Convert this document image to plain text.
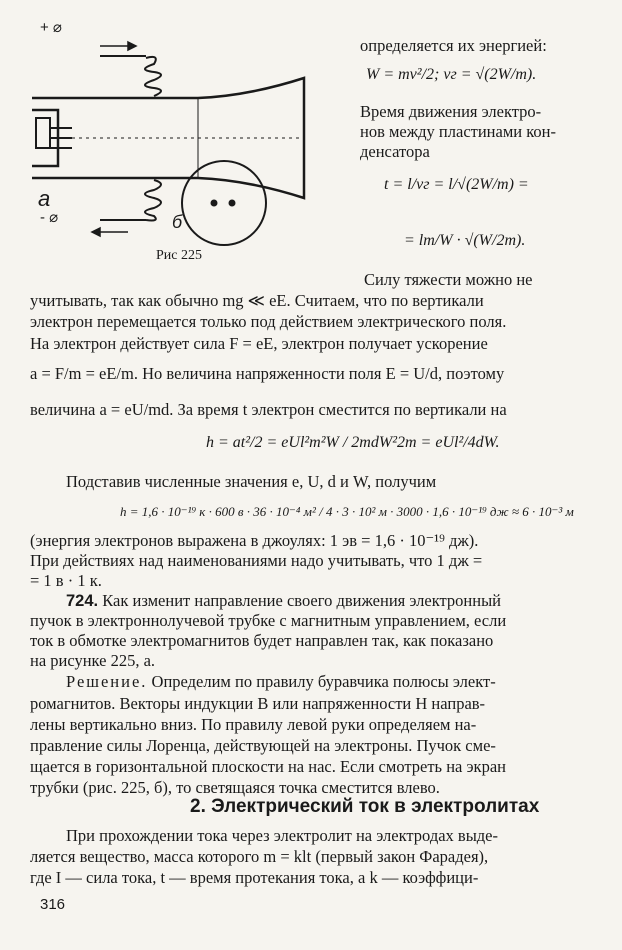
+ ⌀
- ⌀
a
б
Рис 225
определяется их энергией:
W = mv²/2; vг = √(2W/m).
Время движения электро-
нов между пластинами кон-
денсатора
t = l/vг = l/√(2W/m) =
= lm/W · √(W/2m).
Силу тяжести можно не
учитывать, так как обычно mg ≪ eE. Считаем, что по вертикали
электрон перемещается только под действием электрического поля.
На электрон действует сила F = eE, электрон получает ускорение
a = F/m = eE/m. Но величина напряженности поля E = U/d, поэтому
величина a = eU/md. За время t электрон сместится по вертикали на
h = at²/2 = eUl²m²W / 2mdW²2m = eUl²/4dW.
Подставив численные значения e, U, d и W, получим
h = 1,6 · 10⁻¹⁹ к · 600 в · 36 · 10⁻⁴ м² / 4 · 3 · 10² м · 3000 · 1,6 · 10⁻¹⁹ дж ≈ 6 · 10⁻³ м
(энергия электронов выражена в джоулях: 1 эв = 1,6 · 10⁻¹⁹ дж).
При действиях над наименованиями надо учитывать, что 1 дж =
= 1 в · 1 к.
724. Как изменит направление своего движения электронный
пучок в электроннолучевой трубке с магнитным управлением, если
ток в обмотке электромагнитов будет направлен так, как показано
на рисунке 225, а.
Решение. Определим по правилу буравчика полюсы элект-
ромагнитов. Векторы индукции B или напряженности H направ-
лены вертикально вниз. По правилу левой руки определяем на-
правление силы Лоренца, действующей на электроны. Пучок сме-
щается в горизонтальной плоскости на нас. Если смотреть на экран
2. Электрический ток в электролитах
При прохождении тока через электролит на электродах выде-
ляется вещество, масса которого m = klt (первый закон Фарадея),
где I — сила тока, t — время протекания тока, а k — коэффици-
316
трубки (рис. 225, б), то светящаяся точка сместится влево.
